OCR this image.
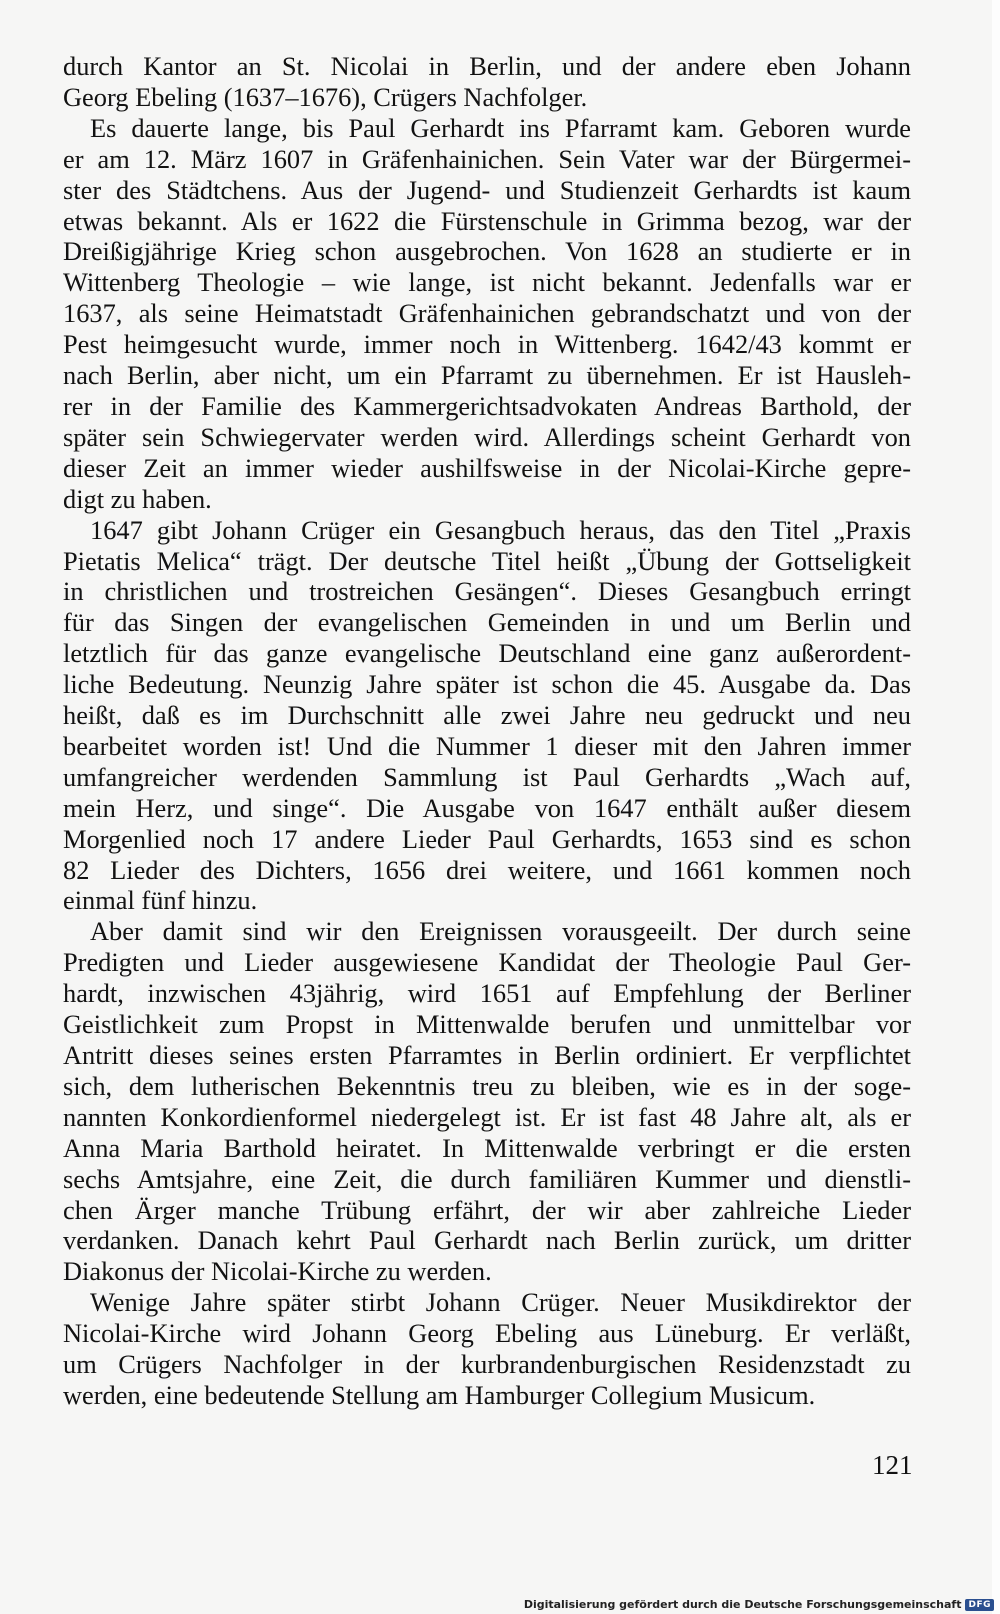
durch Kantor an St. Nicolai in Berlin, und der andere eben Johann

Georg Ebeling (1637–1676), Crügers Nachfolger.

Es dauerte lange, bis Paul Gerhardt ins Pfarramt kam. Geboren wurde

er am 12. März 1607 in Gräfenhainichen. Sein Vater war der Bürgermei-

ster des Städtchens. Aus der Jugend- und Studienzeit Gerhardts ist kaum

etwas bekannt. Als er 1622 die Fürstenschule in Grimma bezog, war der

Dreißigjährige Krieg schon ausgebrochen. Von 1628 an studierte er in

Wittenberg Theologie – wie lange, ist nicht bekannt. Jedenfalls war er

1637, als seine Heimatstadt Gräfenhainichen gebrandschatzt und von der

Pest heimgesucht wurde, immer noch in Wittenberg. 1642/43 kommt er

nach Berlin, aber nicht, um ein Pfarramt zu übernehmen. Er ist Hausleh-

rer in der Familie des Kammergerichtsadvokaten Andreas Barthold, der

später sein Schwiegervater werden wird. Allerdings scheint Gerhardt von

dieser Zeit an immer wieder aushilfsweise in der Nicolai-Kirche gepre-

digt zu haben.

1647 gibt Johann Crüger ein Gesangbuch heraus, das den Titel „Praxis

Pietatis Melica“ trägt. Der deutsche Titel heißt „Übung der Gottseligkeit

in christlichen und trostreichen Gesängen“. Dieses Gesangbuch erringt

für das Singen der evangelischen Gemeinden in und um Berlin und

letztlich für das ganze evangelische Deutschland eine ganz außerordent-

liche Bedeutung. Neunzig Jahre später ist schon die 45. Ausgabe da. Das

heißt, daß es im Durchschnitt alle zwei Jahre neu gedruckt und neu

bearbeitet worden ist! Und die Nummer 1 dieser mit den Jahren immer

umfangreicher werdenden Sammlung ist Paul Gerhardts „Wach auf,

mein Herz, und singe“. Die Ausgabe von 1647 enthält außer diesem

Morgenlied noch 17 andere Lieder Paul Gerhardts, 1653 sind es schon

82 Lieder des Dichters, 1656 drei weitere, und 1661 kommen noch

einmal fünf hinzu.

Aber damit sind wir den Ereignissen vorausgeeilt. Der durch seine

Predigten und Lieder ausgewiesene Kandidat der Theologie Paul Ger-

hardt, inzwischen 43jährig, wird 1651 auf Empfehlung der Berliner

Geistlichkeit zum Propst in Mittenwalde berufen und unmittelbar vor

Antritt dieses seines ersten Pfarramtes in Berlin ordiniert. Er verpflichtet

sich, dem lutherischen Bekenntnis treu zu bleiben, wie es in der soge-

nannten Konkordienformel niedergelegt ist. Er ist fast 48 Jahre alt, als er

Anna Maria Barthold heiratet. In Mittenwalde verbringt er die ersten

sechs Amtsjahre, eine Zeit, die durch familiären Kummer und dienstli-

chen Ärger manche Trübung erfährt, der wir aber zahlreiche Lieder

verdanken. Danach kehrt Paul Gerhardt nach Berlin zurück, um dritter

Diakonus der Nicolai-Kirche zu werden.

Wenige Jahre später stirbt Johann Crüger. Neuer Musikdirektor der

Nicolai-Kirche wird Johann Georg Ebeling aus Lüneburg. Er verläßt,

um Crügers Nachfolger in der kurbrandenburgischen Residenzstadt zu

werden, eine bedeutende Stellung am Hamburger Collegium Musicum.

121

Digitalisierung gefördert durch die Deutsche Forschungsgemeinschaft DFG
